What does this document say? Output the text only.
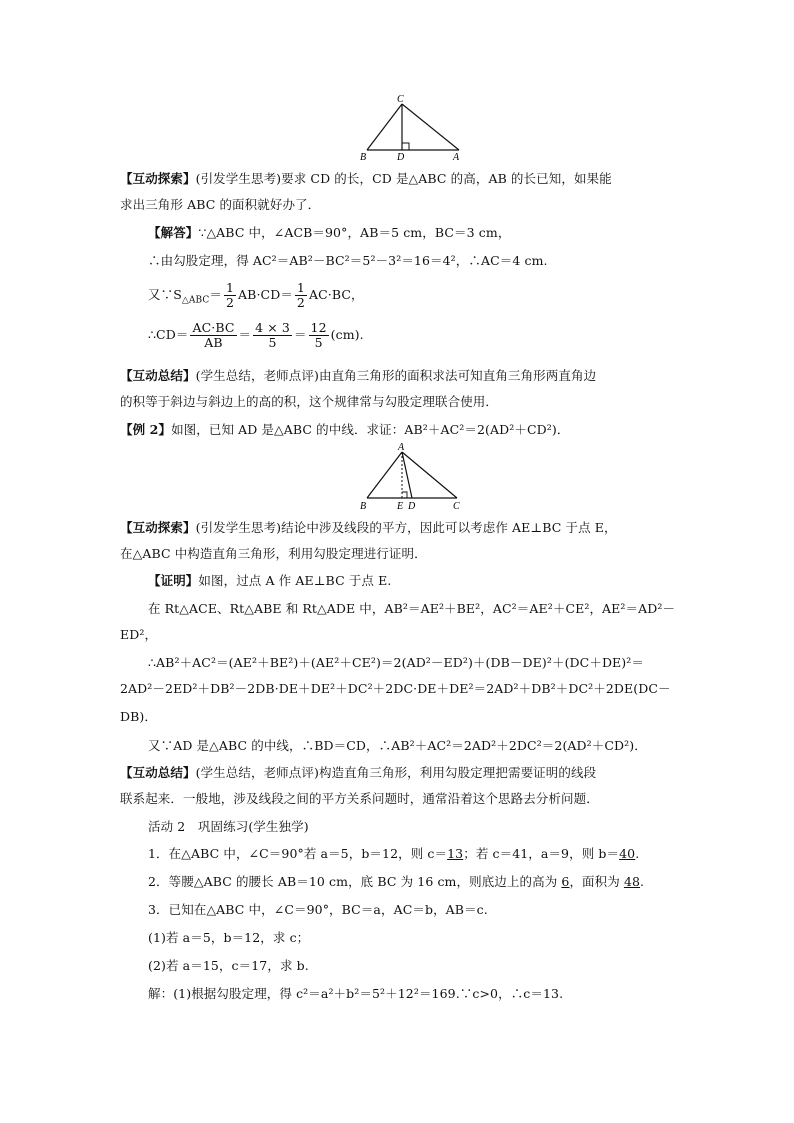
C
B	D	A
【互动探索】(引发学生思考)要求 CD 的长，CD 是△ABC 的高，AB 的长已知，如果能
求出三角形 ABC 的面积就好办了．
【解答】∵△ABC 中，∠ACB＝90°，AB＝5 cm，BC＝3 cm，
∴由勾股定理，得 AC²＝AB²－BC²＝5²－3²＝16＝4²，∴AC＝4 cm.
又$\because S_{\triangle ABC}= \frac{1}{2} AB\cdot CD= \frac{1}{2} AC\cdot BC$，
∴CD＝ $\frac{AC\cdot BC}{AB} = \frac{4 \times 3}{5} = \frac{12}{5} (cm)$.
【互动总结】(学生总结，老师点评)由直角三角形的面积求法可知直角三角形两直角边
的积等于斜边与斜边上的高的积，这个规律常与勾股定理联合使用．
【例 2】如图，已知 AD 是△ABC 的中线．求证：AB²＋AC²＝2(AD²＋CD²)．
A
B	E D	C
【互动探索】(引发学生思考)结论中涉及线段的平方，因此可以考虑作 AE⊥BC 于点 E，
在△ABC 中构造直角三角形，利用勾股定理进行证明．
【证明】如图，过点 A 作 AE⊥BC 于点 E.
在 Rt△ACE、Rt△ABE 和 Rt△ADE 中，AB²＝AE²＋BE²，AC²＝AE²＋CE²，AE²＝AD²－
ED²，
∴AB²＋AC²＝(AE²＋BE²)＋(AE²＋CE²)＝2(AD²－ED²)＋(DB－DE)²＋(DC＋DE)²＝
2AD²－2ED²＋DB²－2DB·DE＋DE²＋DC²＋2DC·DE＋DE²＝2AD²＋DB²＋DC²＋2DE(DC－
DB)．
又∵AD 是△ABC 的中线，∴BD＝CD，∴AB²＋AC²＝2AD²＋2DC²＝2(AD²＋CD²)．
【互动总结】(学生总结，老师点评)构造直角三角形，利用勾股定理把需要证明的线段
联系起来．一般地，涉及线段之间的平方关系问题时，通常沿着这个思路去分析问题．
活动 2　巩固练习(学生独学)
1．在△ABC 中，∠C＝90°若 a＝5，b＝12，则 c＝13；若 c＝41，a＝9，则 b＝40.
2．等腰△ABC 的腰长 AB＝10 cm，底 BC 为 16 cm，则底边上的高为 6，面积为 48.
3．已知在△ABC 中，∠C＝90°，BC＝a，AC＝b，AB＝c.
(1)若 a＝5，b＝12，求 c；
(2)若 a＝15，c＝17，求 b.
解：(1)根据勾股定理，得 c²＝a²＋b²＝5²＋12²＝169.∵c>0，∴c＝13.
